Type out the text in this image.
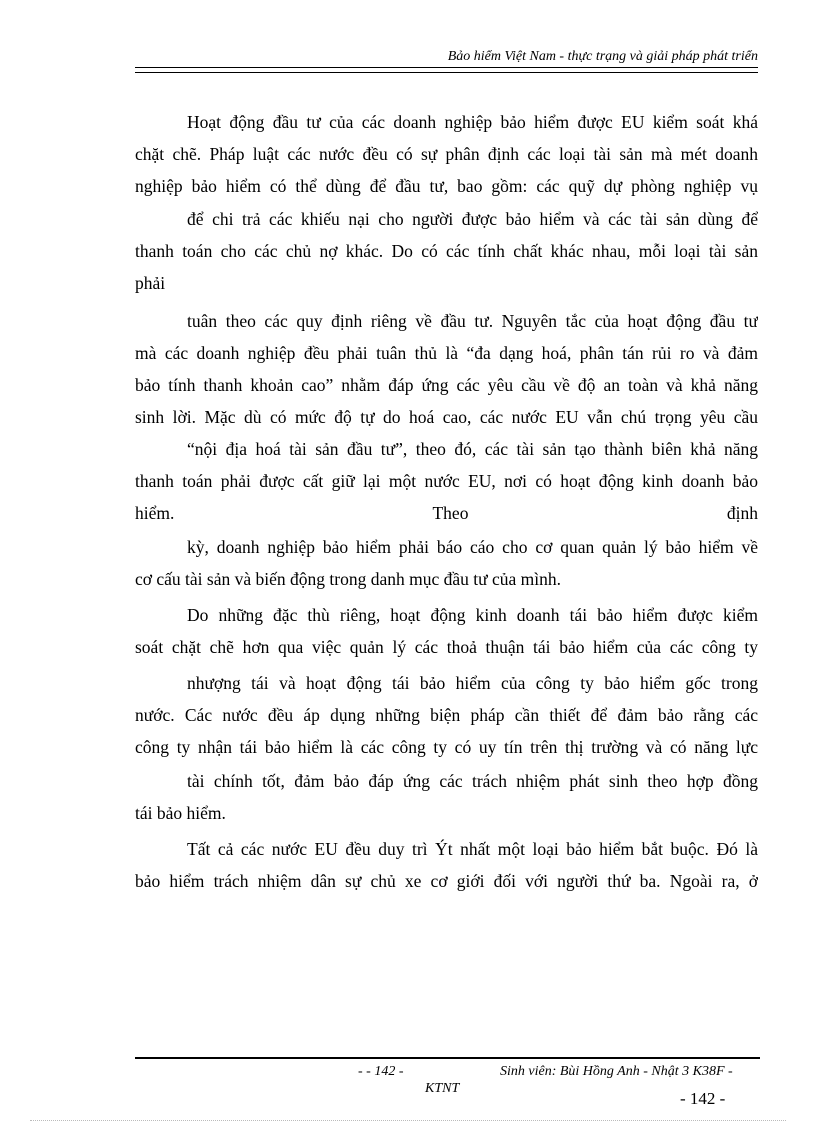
Bảo hiểm Việt Nam - thực trạng và giải pháp phát triển
Hoạt động đầu tư của các doanh nghiệp bảo hiểm được EU kiểm soát khá
chặt chẽ. Pháp luật các nước đều có sự phân định các loại tài sản mà mét doanh
nghiệp bảo hiểm có thể dùng để đầu tư, bao gồm: các quỹ dự phòng nghiệp vụ
để chi trả các khiếu nại cho người được bảo hiểm và các tài sản dùng để
thanh toán cho các chủ nợ khác. Do có các tính chất khác nhau, mỗi loại tài sản
phải
tuân theo các quy định riêng về đầu tư. Nguyên tắc của hoạt động đầu tư
mà các doanh nghiệp đều phải tuân thủ là “đa dạng hoá, phân tán rủi ro và đảm
bảo tính thanh khoản cao” nhằm đáp ứng các yêu cầu về độ an toàn và khả năng
sinh lời. Mặc dù có mức độ tự do hoá cao, các nước EU vẫn chú trọng yêu cầu
“nội địa hoá tài sản đầu tư”, theo đó, các tài sản tạo thành biên khả năng
thanh toán phải được cất giữ lại một nước EU, nơi có hoạt động kinh doanh bảo
hiểm. Theo định
kỳ, doanh nghiệp bảo hiểm phải báo cáo cho cơ quan quản lý bảo hiểm về
cơ cấu tài sản và biến động trong danh mục đầu tư của mình.
Do những đặc thù riêng, hoạt động kinh doanh tái bảo hiểm được kiểm
soát chặt chẽ hơn qua việc quản lý các thoả thuận tái bảo hiểm của các công ty
nhượng tái và hoạt động tái bảo hiểm của công ty bảo hiểm gốc trong
nước. Các nước đều áp dụng những biện pháp cần thiết để đảm bảo rằng các
công ty nhận tái bảo hiểm là các công ty có uy tín trên thị trường và có năng lực
tài chính tốt, đảm bảo đáp ứng các trách nhiệm phát sinh theo hợp đồng
tái bảo hiểm.
Tất cả các nước EU đều duy trì Ýt nhất một loại bảo hiểm bắt buộc. Đó là
bảo hiểm trách nhiệm dân sự chủ xe cơ giới đối với người thứ ba. Ngoài ra, ở
- - 142 -	Sinh viên: Bùi Hồng Anh - Nhật 3 K38F -
KTNT
- 142 -
